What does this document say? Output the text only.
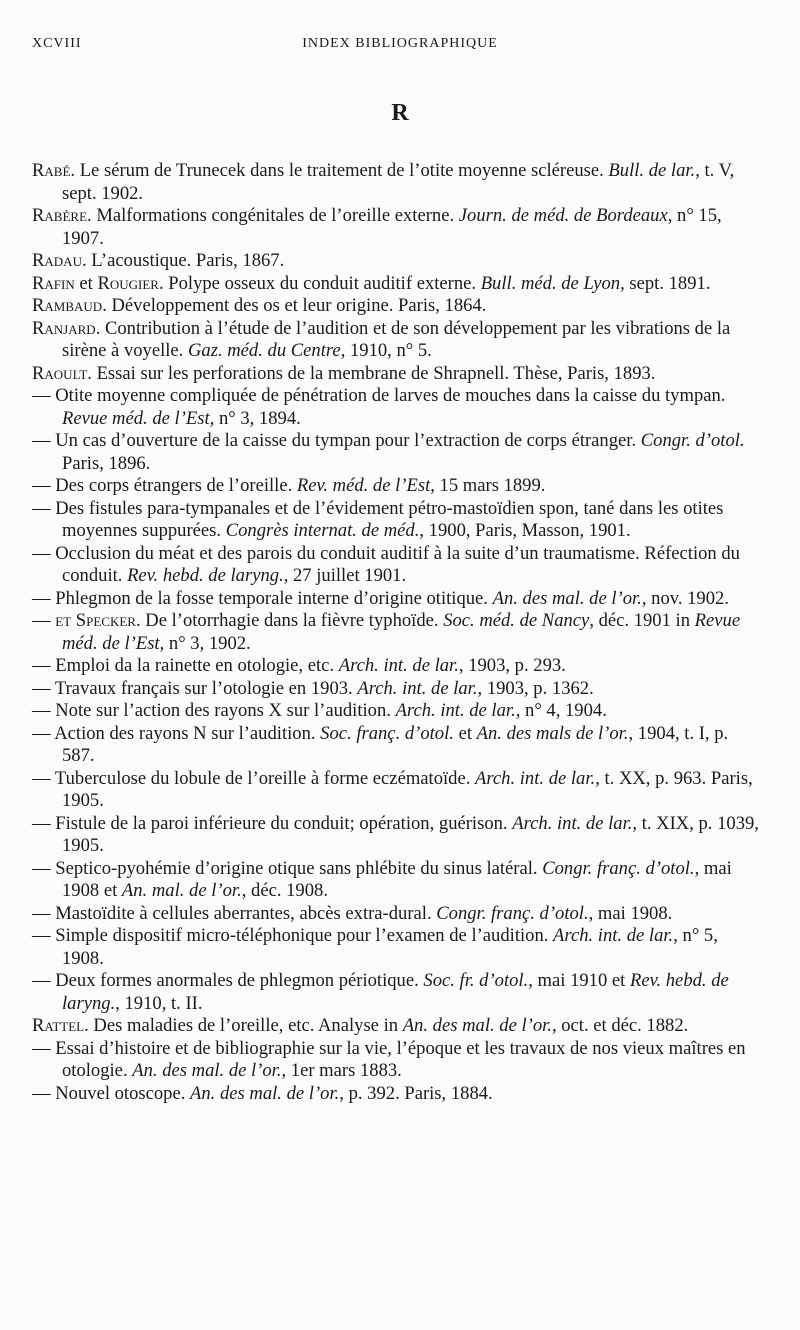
XCVIII	INDEX BIBLIOGRAPHIQUE
R

Rabé. Le sérum de Trunecek dans le traitement de l’otite moyenne scléreuse. Bull. de lar., t. V, sept. 1902.

Rabère. Malformations congénitales de l’oreille externe. Journ. de méd. de Bordeaux, n° 15, 1907.

Radau. L’acoustique. Paris, 1867.

Rafin et Rougier. Polype osseux du conduit auditif externe. Bull. méd. de Lyon, sept. 1891.

Rambaud. Développement des os et leur origine. Paris, 1864.

Ranjard. Contribution à l’étude de l’audition et de son développement par les vibrations de la sirène à voyelle. Gaz. méd. du Centre, 1910, n° 5.

Raoult. Essai sur les perforations de la membrane de Shrapnell. Thèse, Paris, 1893.

— Otite moyenne compliquée de pénétration de larves de mouches dans la caisse du tympan. Revue méd. de l’Est, n° 3, 1894.

— Un cas d’ouverture de la caisse du tympan pour l’extraction de corps étranger. Congr. d’otol. Paris, 1896.

— Des corps étrangers de l’oreille. Rev. méd. de l’Est, 15 mars 1899.

— Des fistules para-tympanales et de l’évidement pétro-mastoïdien spon, tané dans les otites moyennes suppurées. Congrès internat. de méd., 1900, Paris, Masson, 1901.

— Occlusion du méat et des parois du conduit auditif à la suite d’un traumatisme. Réfection du conduit. Rev. hebd. de laryng., 27 juillet 1901.

— Phlegmon de la fosse temporale interne d’origine otitique. An. des mal. de l’or., nov. 1902.

— et Specker. De l’otorrhagie dans la fièvre typhoïde. Soc. méd. de Nancy, déc. 1901 in Revue méd. de l’Est, n° 3, 1902.

— Emploi da la rainette en otologie, etc. Arch. int. de lar., 1903, p. 293.

— Travaux français sur l’otologie en 1903. Arch. int. de lar., 1903, p. 1362.

— Note sur l’action des rayons X sur l’audition. Arch. int. de lar., n° 4, 1904.

— Action des rayons N sur l’audition. Soc. franç. d’otol. et An. des mals de l’or., 1904, t. I, p. 587.

— Tuberculose du lobule de l’oreille à forme eczématoïde. Arch. int. de lar., t. XX, p. 963. Paris, 1905.

— Fistule de la paroi inférieure du conduit; opération, guérison. Arch. int. de lar., t. XIX, p. 1039, 1905.

— Septico-pyohémie d’origine otique sans phlébite du sinus latéral. Congr. franç. d’otol., mai 1908 et An. mal. de l’or., déc. 1908.

— Mastoïdite à cellules aberrantes, abcès extra-dural. Congr. franç. d’otol., mai 1908.

— Simple dispositif micro-téléphonique pour l’examen de l’audition. Arch. int. de lar., n° 5, 1908.

— Deux formes anormales de phlegmon périotique. Soc. fr. d’otol., mai 1910 et Rev. hebd. de laryng., 1910, t. II.

Rattel. Des maladies de l’oreille, etc. Analyse in An. des mal. de l’or., oct. et déc. 1882.

— Essai d’histoire et de bibliographie sur la vie, l’époque et les travaux de nos vieux maîtres en otologie. An. des mal. de l’or., 1er mars 1883.

— Nouvel otoscope. An. des mal. de l’or., p. 392. Paris, 1884.
